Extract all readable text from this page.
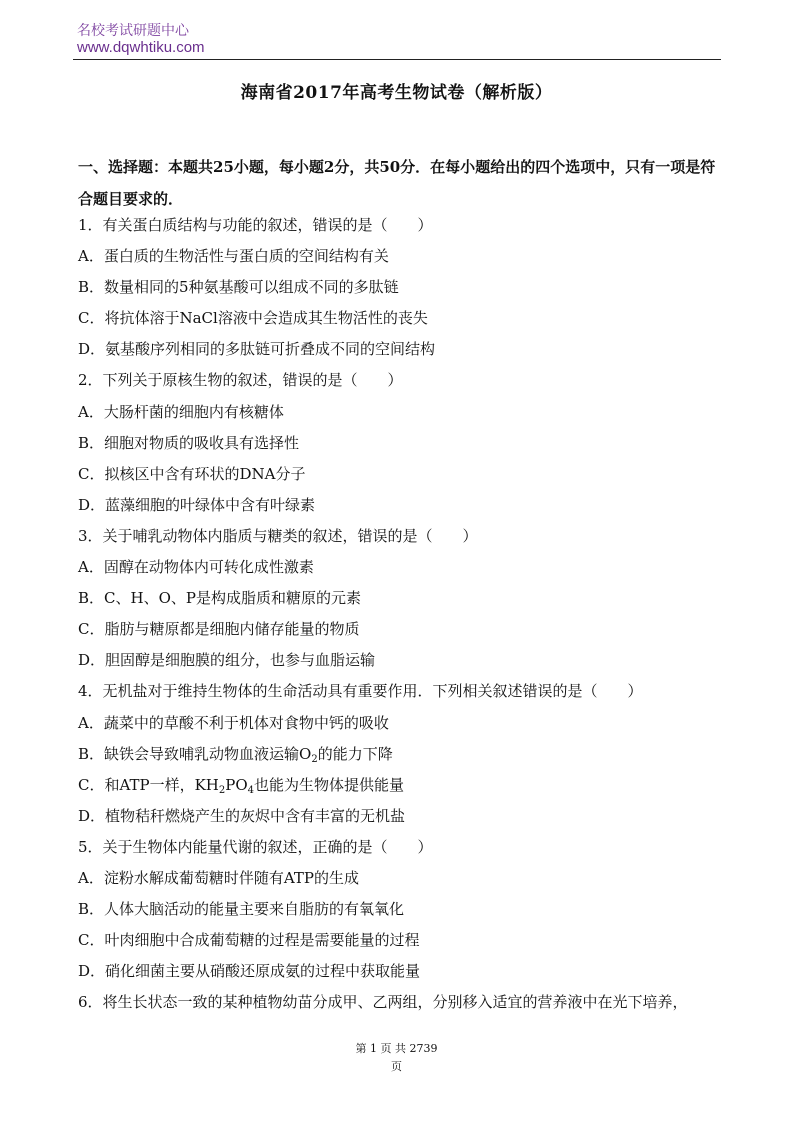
名校考试研题中心
www.dqwhtiku.com
海南省2017年高考生物试卷（解析版）
一、选择题：本题共25小题，每小题2分，共50分．在每小题给出的四个选项中，只有一项是符合题目要求的．
1．有关蛋白质结构与功能的叙述，错误的是（　　）
A．蛋白质的生物活性与蛋白质的空间结构有关
B．数量相同的5种氨基酸可以组成不同的多肽链
C．将抗体溶于NaCl溶液中会造成其生物活性的丧失
D．氨基酸序列相同的多肽链可折叠成不同的空间结构
2．下列关于原核生物的叙述，错误的是（　　）
A．大肠杆菌的细胞内有核糖体
B．细胞对物质的吸收具有选择性
C．拟核区中含有环状的DNA分子
D．蓝藻细胞的叶绿体中含有叶绿素
3．关于哺乳动物体内脂质与糖类的叙述，错误的是（　　）
A．固醇在动物体内可转化成性激素
B．C、H、O、P是构成脂质和糖原的元素
C．脂肪与糖原都是细胞内储存能量的物质
D．胆固醇是细胞膜的组分，也参与血脂运输
4．无机盐对于维持生物体的生命活动具有重要作用．下列相关叙述错误的是（　　）
A．蔬菜中的草酸不利于机体对食物中钙的吸收
B．缺铁会导致哺乳动物血液运输$O_2$的能力下降
C．和ATP一样，$KH_2PO_4$也能为生物体提供能量
D．植物秸秆燃烧产生的灰烬中含有丰富的无机盐
5．关于生物体内能量代谢的叙述，正确的是（　　）
A．淀粉水解成葡萄糖时伴随有ATP的生成
B．人体大脑活动的能量主要来自脂肪的有氧氧化
C．叶肉细胞中合成葡萄糖的过程是需要能量的过程
D．硝化细菌主要从硝酸还原成氨的过程中获取能量
6．将生长状态一致的某种植物幼苗分成甲、乙两组，分别移入适宜的营养液中在光下培养，
第 1 页 共 2739
页
